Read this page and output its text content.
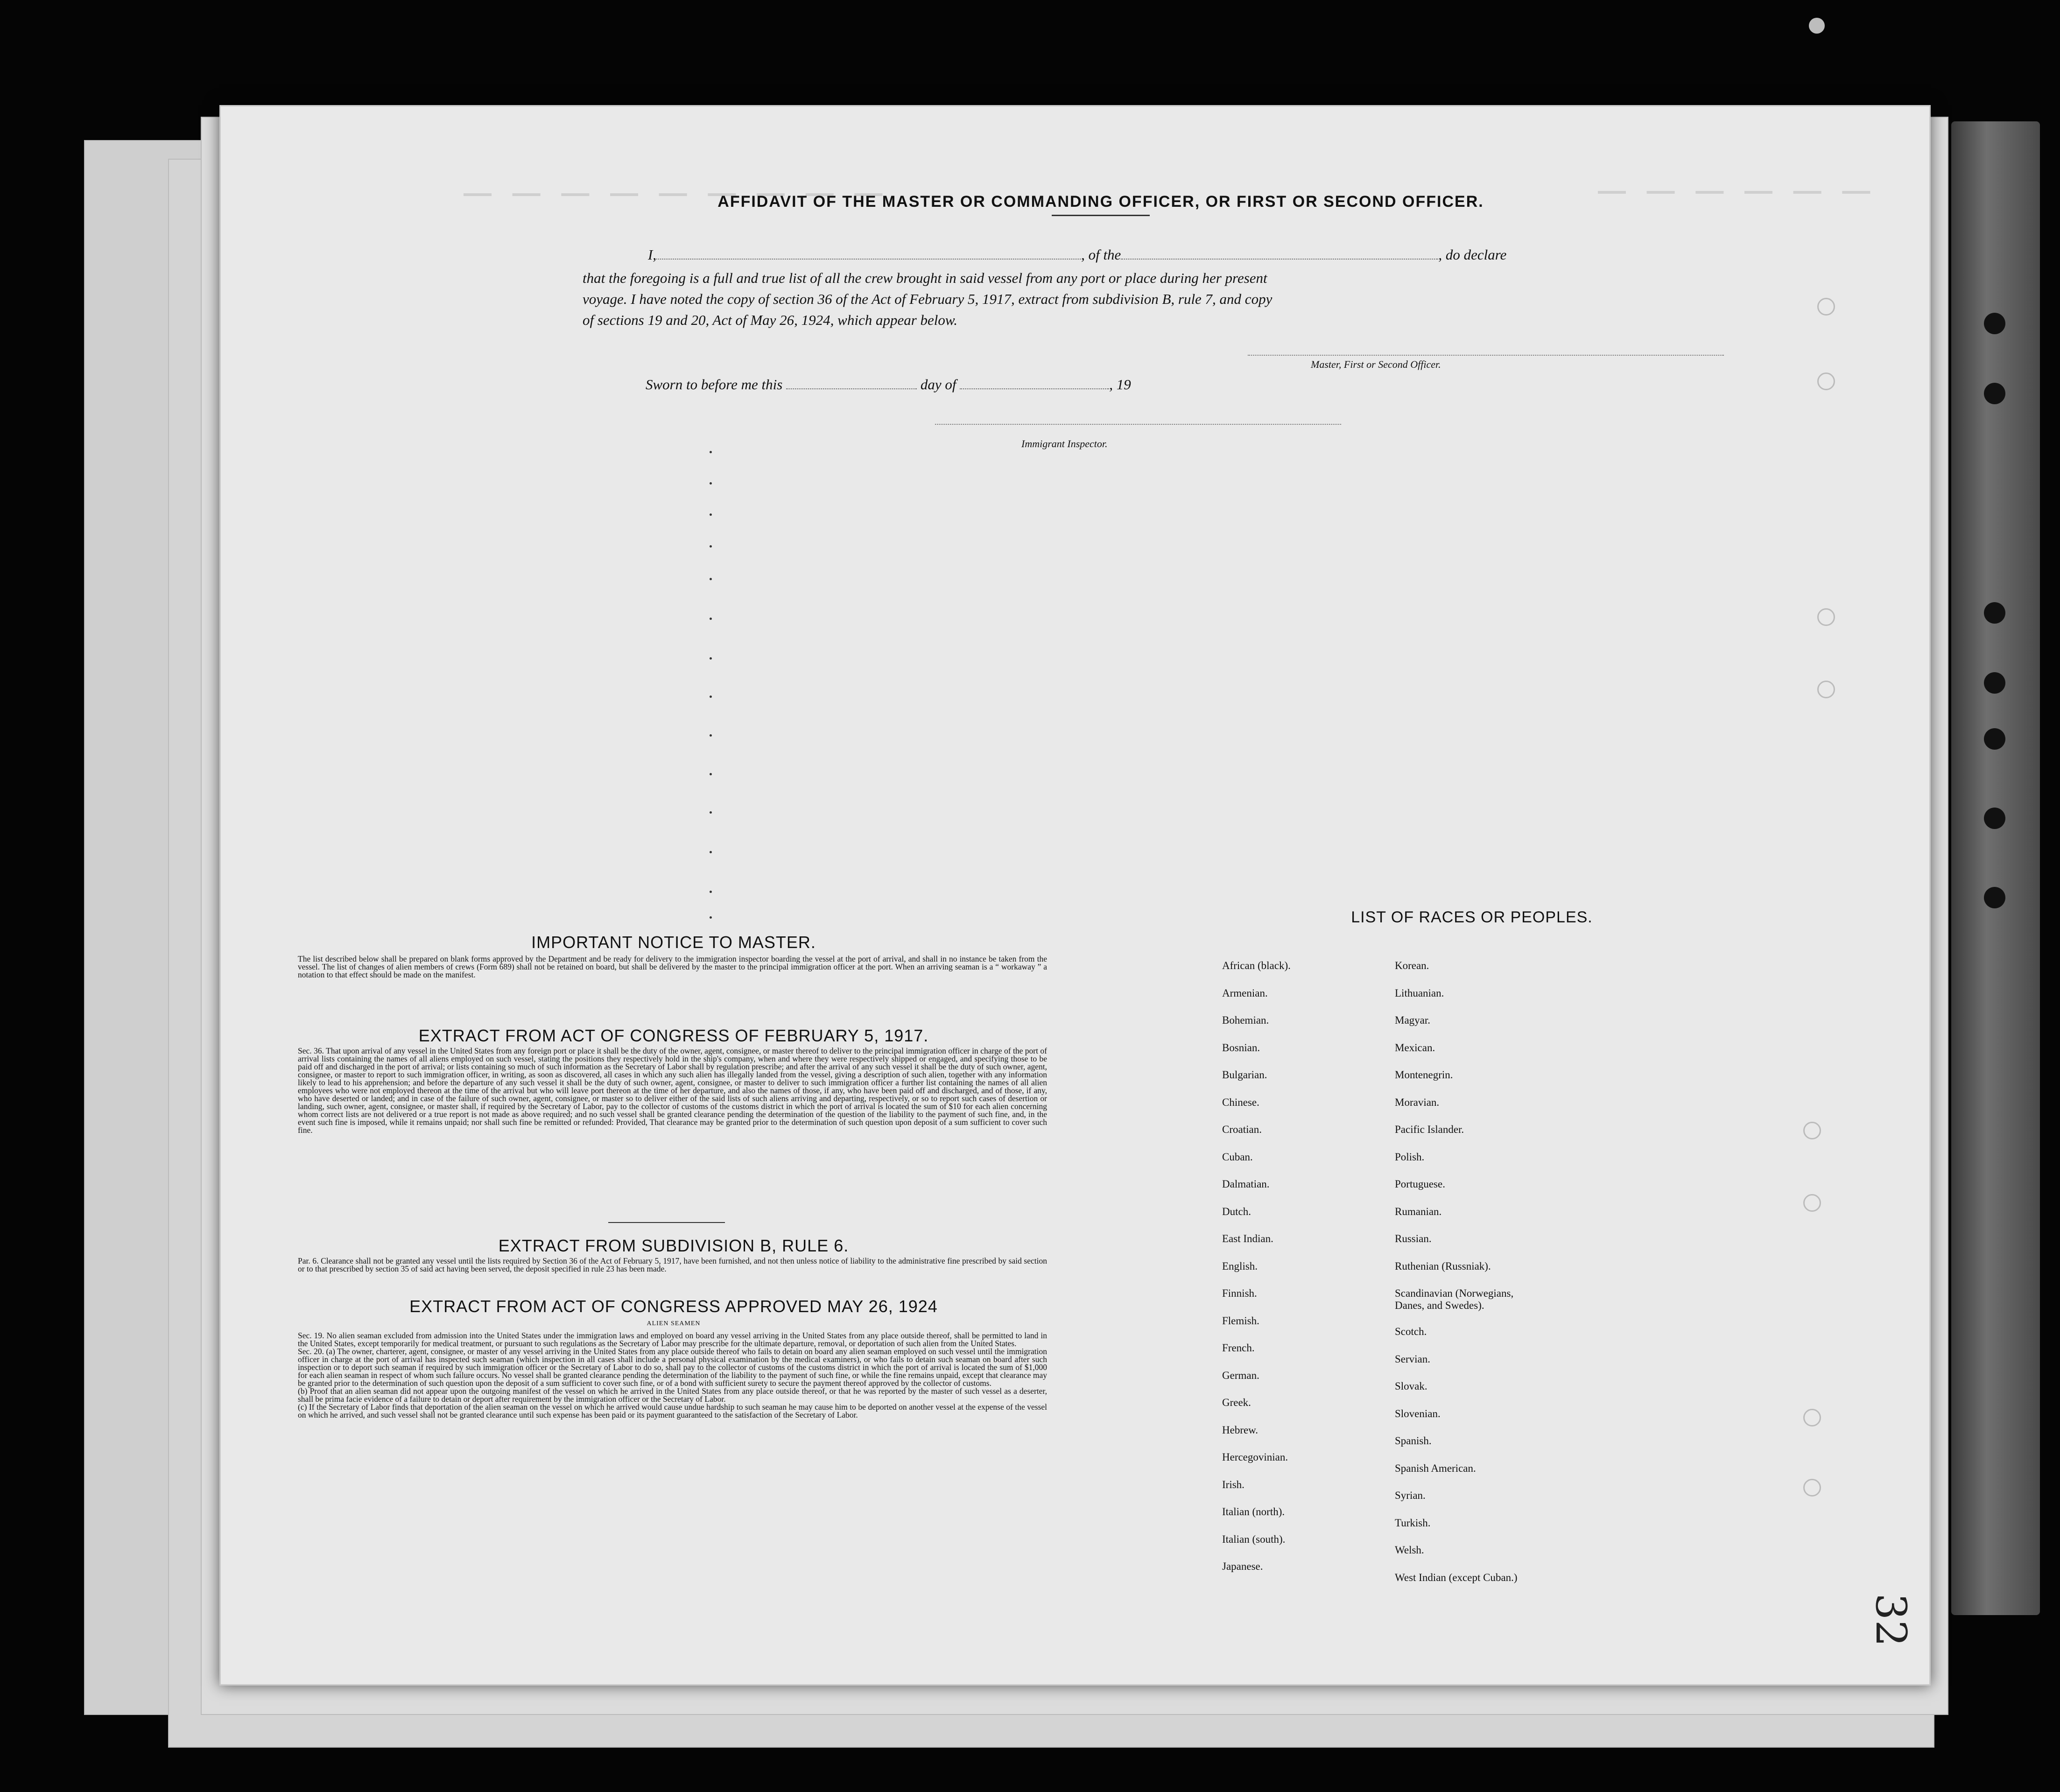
— — — — — — — — —	— — — — — —
AFFIDAVIT OF THE MASTER OR COMMANDING OFFICER, OR FIRST OR SECOND OFFICER.
I,	, of the	, do declare
that the foregoing is a full and true list of all the crew brought in said vessel from any port or place during her present
voyage. I have noted the copy of section 36 of the Act of February 5, 1917, extract from subdivision B, rule 7, and copy
of sections 19 and 20, Act of May 26, 1924, which appear below.
Master, First or Second Officer.
Sworn to before me this	day of	, 19
Immigrant Inspector.
IMPORTANT NOTICE TO MASTER.
The list described below shall be prepared on blank forms approved by the Department and be ready for delivery to the immigration inspector boarding the vessel at the port of arrival, and shall in no instance be taken from the vessel. The list of changes of alien members of crews (Form 689) shall not be retained on board, but shall be delivered by the master to the principal immigration officer at the port. When an arriving seaman is a “ workaway ” a notation to that effect should be made on the manifest.
EXTRACT FROM ACT OF CONGRESS OF FEBRUARY 5, 1917.

Sec. 36. That upon arrival of any vessel in the United States from any foreign port or place it shall be the duty of the owner, agent, consignee, or master thereof to deliver to the principal immigration officer in charge of the port of arrival lists containing the names of all aliens employed on such vessel, stating the positions they respectively hold in the ship's company, when and where they were respectively shipped or engaged, and specifying those to be paid off and discharged in the port of arrival; or lists containing so much of such information as the Secretary of Labor shall by regulation prescribe; and after the arrival of any such vessel it shall be the duty of such owner, agent, consignee, or master to report to such immigration officer, in writing, as soon as discovered, all cases in which any such alien has illegally landed from the vessel, giving a description of such alien, together with any information likely to lead to his apprehension; and before the departure of any such vessel it shall be the duty of such owner, agent, consignee, or master to deliver to such immigration officer a further list containing the names of all alien employees who were not employed thereon at the time of the arrival but who will leave port thereon at the time of her departure, and also the names of those, if any, who have been paid off and discharged, and of those, if any, who have deserted or landed; and in case of the failure of such owner, agent, consignee, or master so to deliver either of the said lists of such aliens arriving and departing, respectively, or so to report such cases of desertion or landing, such owner, agent, consignee, or master shall, if required by the Secretary of Labor, pay to the collector of customs of the customs district in which the port of arrival is located the sum of $10 for each alien concerning whom correct lists are not delivered or a true report is not made as above required; and no such vessel shall be granted clearance pending the determination of the question of the liability to the payment of such fine, and, in the event such fine is imposed, while it remains unpaid; nor shall such fine be remitted or refunded: Provided, That clearance may be granted prior to the determination of such question upon deposit of a sum sufficient to cover such fine.

EXTRACT FROM SUBDIVISION B, RULE 6.
Par. 6. Clearance shall not be granted any vessel until the lists required by Section 36 of the Act of February 5, 1917, have been furnished, and not then unless notice of liability to the administrative fine prescribed by said section or to that prescribed by section 35 of said act having been served, the deposit specified in rule 23 has been made.
EXTRACT FROM ACT OF CONGRESS APPROVED MAY 26, 1924
ALIEN SEAMEN

Sec. 19. No alien seaman excluded from admission into the United States under the immigration laws and employed on board any vessel arriving in the United States from any place outside thereof, shall be permitted to land in the United States, except temporarily for medical treatment, or pursuant to such regulations as the Secretary of Labor may prescribe for the ultimate departure, removal, or deportation of such alien from the United States.

Sec. 20. (a) The owner, charterer, agent, consignee, or master of any vessel arriving in the United States from any place outside thereof who fails to detain on board any alien seaman employed on such vessel until the immigration officer in charge at the port of arrival has inspected such seaman (which inspection in all cases shall include a personal physical examination by the medical examiners), or who fails to detain such seaman on board after such inspection or to deport such seaman if required by such immigration officer or the Secretary of Labor to do so, shall pay to the collector of customs of the customs district in which the port of arrival is located the sum of $1,000 for each alien seaman in respect of whom such failure occurs. No vessel shall be granted clearance pending the determination of the liability to the payment of such fine, or while the fine remains unpaid, except that clearance may be granted prior to the determination of such question upon the deposit of a sum sufficient to cover such fine, or of a bond with sufficient surety to secure the payment thereof approved by the collector of customs.

(b) Proof that an alien seaman did not appear upon the outgoing manifest of the vessel on which he arrived in the United States from any place outside thereof, or that he was reported by the master of such vessel as a deserter, shall be prima facie evidence of a failure to detain or deport after requirement by the immigration officer or the Secretary of Labor.

(c) If the Secretary of Labor finds that deportation of the alien seaman on the vessel on which he arrived would cause undue hardship to such seaman he may cause him to be deported on another vessel at the expense of the vessel on which he arrived, and such vessel shall not be granted clearance until such expense has been paid or its payment guaranteed to the satisfaction of the Secretary of Labor.

LIST OF RACES OR PEOPLES.
African (black).
Armenian.
Bohemian.
Bosnian.
Bulgarian.
Chinese.
Croatian.
Cuban.
Dalmatian.
Dutch.
East Indian.
English.
Finnish.
Flemish.
French.
German.
Greek.
Hebrew.
Hercegovinian.
Irish.
Italian (north).
Italian (south).
Japanese.
Korean.
Lithuanian.
Magyar.
Mexican.
Montenegrin.
Moravian.
Pacific Islander.
Polish.
Portuguese.
Rumanian.
Russian.
Ruthenian (Russniak).
Scandinavian (Norwegians,
Danes, and Swedes).
Scotch.
Servian.
Slovak.
Slovenian.
Spanish.
Spanish American.
Syrian.
Turkish.
Welsh.
West Indian (except Cuban.)
32
